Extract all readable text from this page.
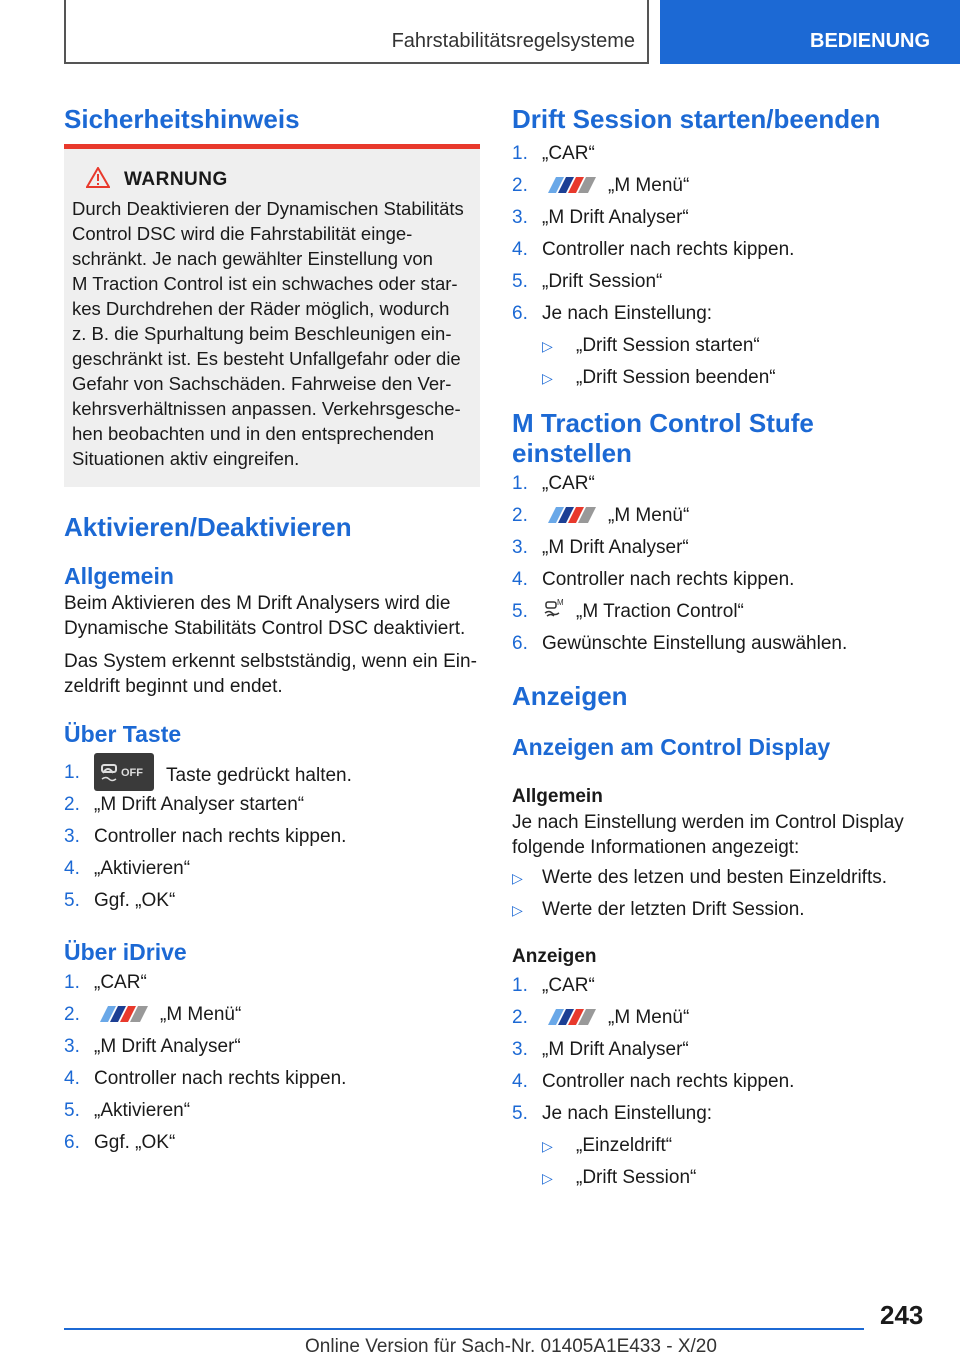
Fahrstabilitätsregelsysteme	BEDIENUNG
Sicherheitshinweis
WARNUNG
Durch Deaktivieren der Dynamischen Stabilitäts
Control DSC wird die Fahrstabilität einge-
schränkt. Je nach gewählter Einstellung von
M Traction Control ist ein schwaches oder star-
kes Durchdrehen der Räder möglich, wodurch
z. B. die Spurhaltung beim Beschleunigen ein-
geschränkt ist. Es besteht Unfallgefahr oder die
Gefahr von Sachschäden. Fahrweise den Ver-
kehrsverhältnissen anpassen. Verkehrsgesche-
hen beobachten und in den entsprechenden
Situationen aktiv eingreifen.
Aktivieren/Deaktivieren
Allgemein

Beim Aktivieren des M Drift Analysers wird die

Dynamische Stabilitäts Control DSC deaktiviert.

Das System erkennt selbstständig, wenn ein Ein-

zeldrift beginnt und endet.

Über Taste
1.	OFF Taste gedrückt halten.
2. „M Drift Analyser starten“
3. Controller nach rechts kippen.
4. „Aktivieren“
5. Ggf. „OK“
Über iDrive
1. „CAR“
2.	„M Menü“
3. „M Drift Analyser“
4. Controller nach rechts kippen.
5. „Aktivieren“
6. Ggf. „OK“
Drift Session starten/beenden
1. „CAR“
2.	„M Menü“
3. „M Drift Analyser“
4. Controller nach rechts kippen.
5. „Drift Session“
6. Je nach Einstellung:
▷ „Drift Session starten“
▷ „Drift Session beenden“
M Traction Control Stufe
einstellen
1. „CAR“
2.	„M Menü“
3. „M Drift Analyser“
4. Controller nach rechts kippen.
5.	M „M Traction Control“
6. Gewünschte Einstellung auswählen.
Anzeigen
Anzeigen am Control Display
Allgemein

Je nach Einstellung werden im Control Display

folgende Informationen angezeigt:

▷ Werte des letzen und besten Einzeldrifts.
▷ Werte der letzten Drift Session.
Anzeigen
1. „CAR“
2.	„M Menü“
3. „M Drift Analyser“
4. Controller nach rechts kippen.
5. Je nach Einstellung:
▷ „Einzeldrift“
▷ „Drift Session“
243
Online Version für Sach-Nr. 01405A1E433 - X/20
